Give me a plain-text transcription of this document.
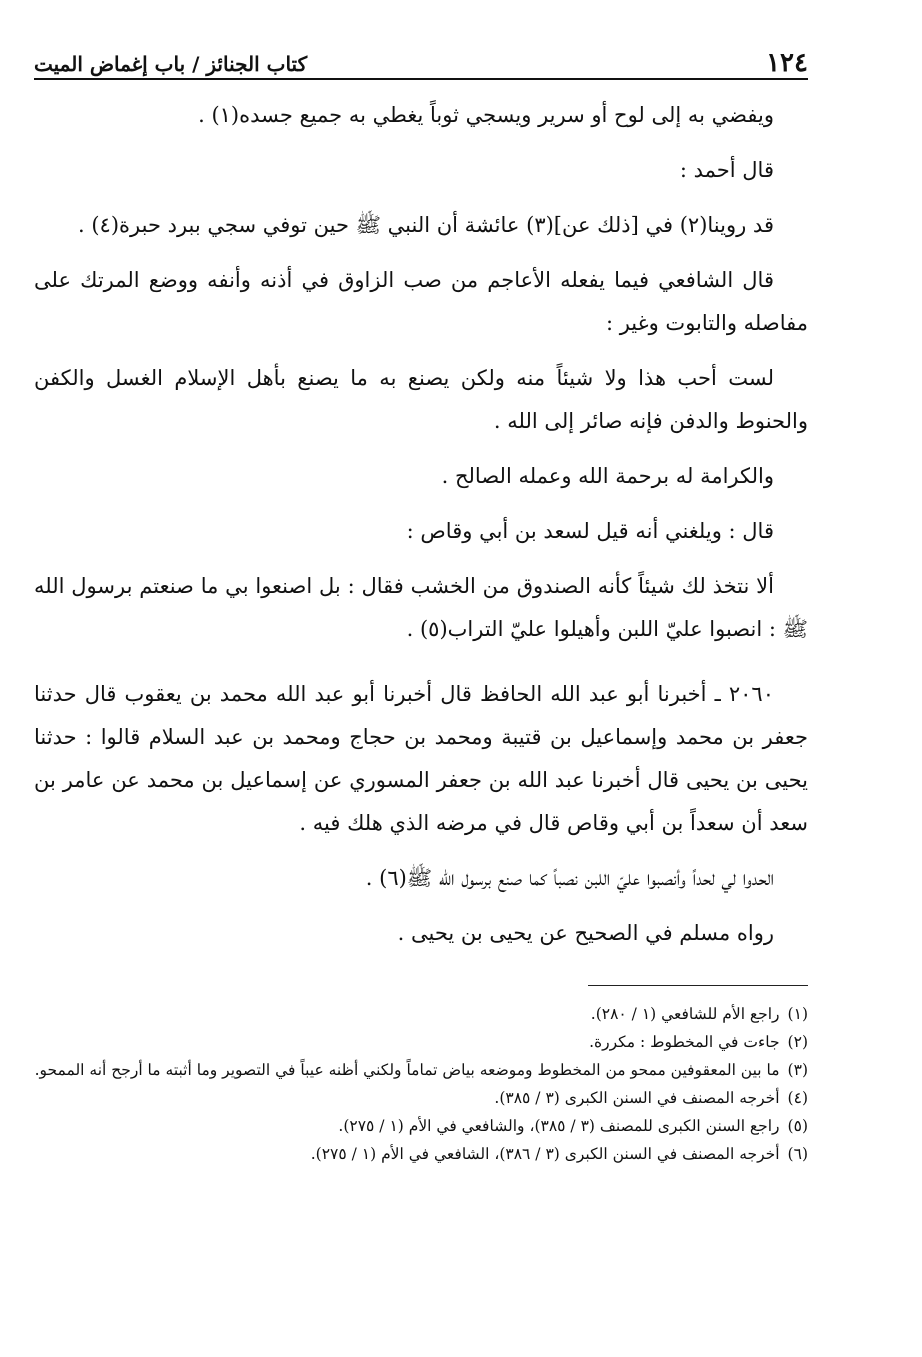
١٢٤
كتاب الجنائز / باب إغماض الميت

ويفضي به إلى لوح أو سرير ويسجي ثوباً يغطي به جميع جسده(١) .

قال أحمد :

قد روينا(٢) في [ذلك عن](٣) عائشة أن النبي ﷺ حين توفي سجي ببرد حبرة(٤) .

قال الشافعي فيما يفعله الأعاجم من صب الزاوق في أذنه وأنفه ووضع المرتك على مفاصله والتابوت وغير :

لست أحب هذا ولا شيئاً منه ولكن يصنع به ما يصنع بأهل الإسلام الغسل والكفن والحنوط والدفن فإنه صائر إلى الله .

والكرامة له برحمة الله وعمله الصالح .

قال : ويلغني أنه قيل لسعد بن أبي وقاص :

ألا نتخذ لك شيئاً كأنه الصندوق من الخشب فقال : بل اصنعوا بي ما صنعتم برسول الله ﷺ : انصبوا عليّ اللبن وأهيلوا عليّ التراب(٥) .

٢٠٦٠ ـ أخبرنا أبو عبد الله الحافظ قال أخبرنا أبو عبد الله محمد بن يعقوب قال حدثنا جعفر بن محمد وإسماعيل بن قتيبة ومحمد بن حجاج ومحمد بن عبد السلام قالوا : حدثنا يحيى بن يحيى قال أخبرنا عبد الله بن جعفر المسوري عن إسماعيل بن محمد عن عامر بن سعد أن سعداً بن أبي وقاص قال في مرضه الذي هلك فيه .

الحدوا لي لحداً وأنصبوا عليّ اللبن نصباً كما صنع برسول الله ﷺ(٦) .

رواه مسلم في الصحيح عن يحيى بن يحيى .

(١)
راجع الأم للشافعي (١ / ٢٨٠).
(٢)
جاءت في المخطوط : مكررة.
(٣)
ما بين المعقوفين ممحو من المخطوط وموضعه بياض تماماً ولكني أظنه عيباً في التصوير وما أثبته ما أرجح أنه الممحو.
(٤)
أخرجه المصنف في السنن الكبرى (٣ / ٣٨٥).
(٥)
راجع السنن الكبرى للمصنف (٣ / ٣٨٥)، والشافعي في الأم (١ / ٢٧٥).
(٦)
أخرجه المصنف في السنن الكبرى (٣ / ٣٨٦)، الشافعي في الأم (١ / ٢٧٥).
